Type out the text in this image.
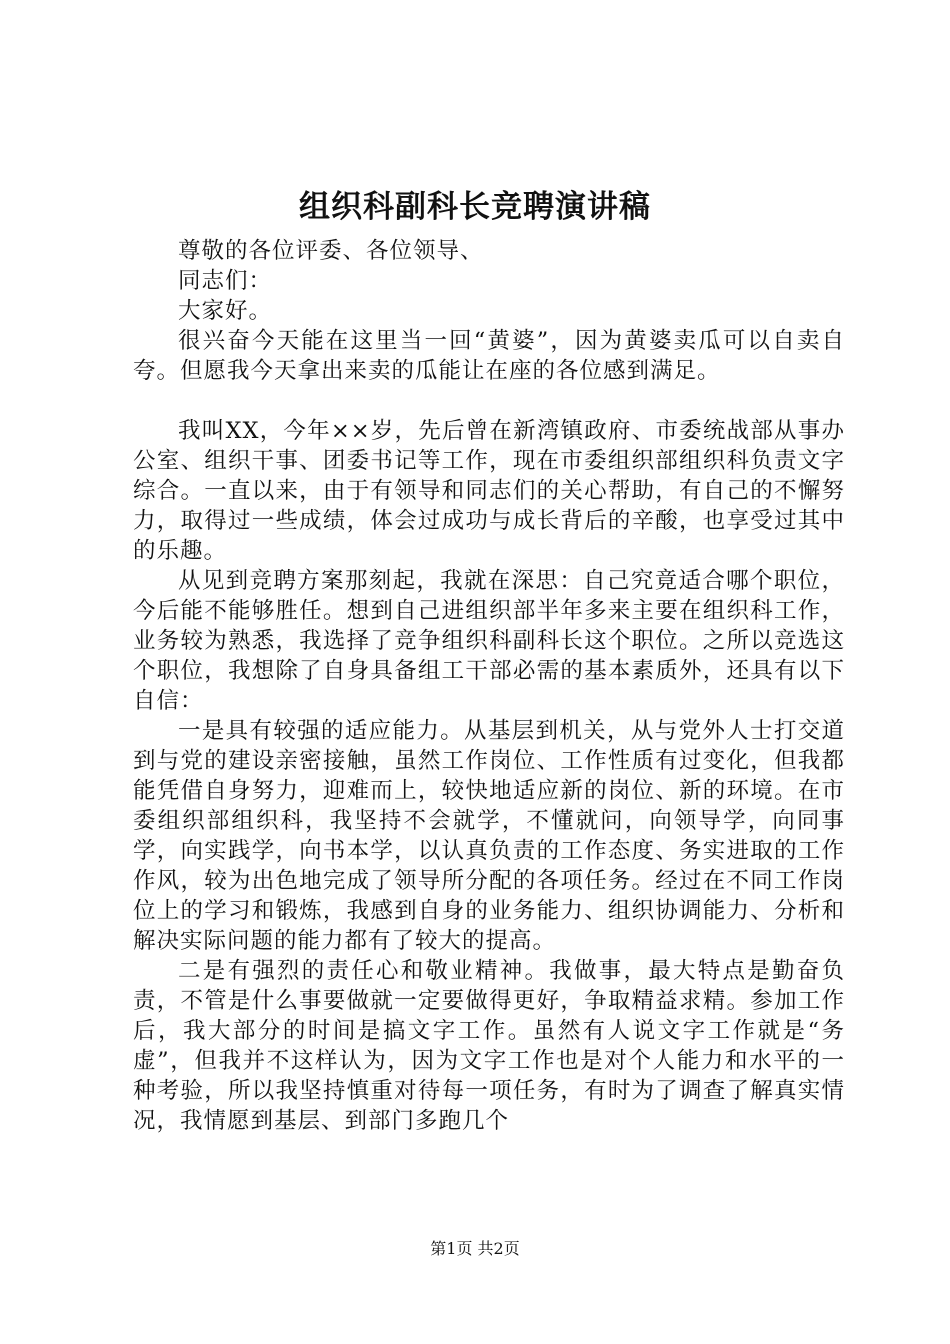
组织科副科长竞聘演讲稿

尊敬的各位评委、各位领导、

同志们：

大家好。

很兴奋今天能在这里当一回“黄婆”，因为黄婆卖瓜可以自卖自夸。但愿我今天拿出来卖的瓜能让在座的各位感到满足。

我叫XX，今年××岁，先后曾在新湾镇政府、市委统战部从事办公室、组织干事、团委书记等工作，现在市委组织部组织科负责文字综合。一直以来，由于有领导和同志们的关心帮助，有自己的不懈努力，取得过一些成绩，体会过成功与成长背后的辛酸，也享受过其中的乐趣。

从见到竞聘方案那刻起，我就在深思：自己究竟适合哪个职位，今后能不能够胜任。想到自己进组织部半年多来主要在组织科工作，业务较为熟悉，我选择了竞争组织科副科长这个职位。之所以竞选这个职位，我想除了自身具备组工干部必需的基本素质外，还具有以下自信：

一是具有较强的适应能力。从基层到机关，从与党外人士打交道到与党的建设亲密接触，虽然工作岗位、工作性质有过变化，但我都能凭借自身努力，迎难而上，较快地适应新的岗位、新的环境。在市委组织部组织科，我坚持不会就学，不懂就问，向领导学，向同事学，向实践学，向书本学，以认真负责的工作态度、务实进取的工作作风，较为出色地完成了领导所分配的各项任务。经过在不同工作岗位上的学习和锻炼，我感到自身的业务能力、组织协调能力、分析和解决实际问题的能力都有了较大的提高。

二是有强烈的责任心和敬业精神。我做事，最大特点是勤奋负责，不管是什么事要做就一定要做得更好，争取精益求精。参加工作后，我大部分的时间是搞文字工作。虽然有人说文字工作就是“务虚”，但我并不这样认为，因为文字工作也是对个人能力和水平的一种考验，所以我坚持慎重对待每一项任务，有时为了调查了解真实情况，我情愿到基层、到部门多跑几个

第1页 共2页
